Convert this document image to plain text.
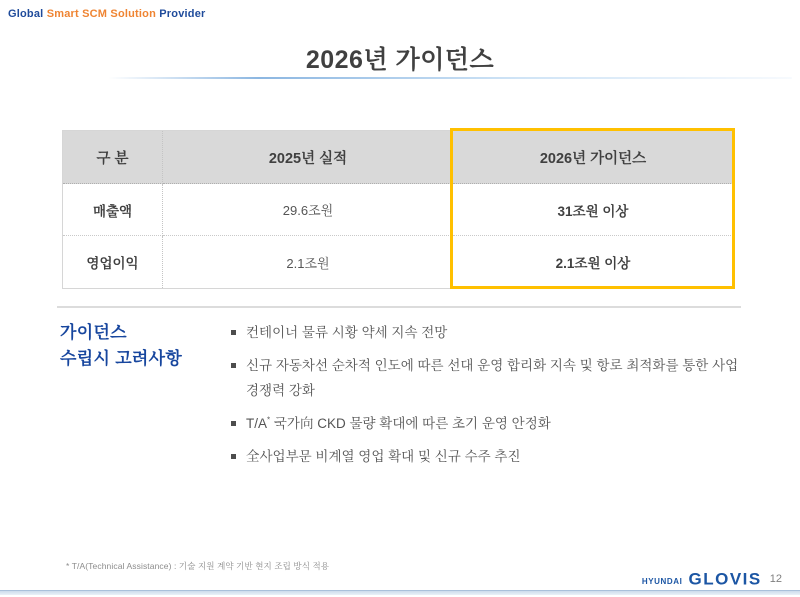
Global Smart SCM Solution Provider
2026년 가이던스
구 분	2025년 실적	2026년 가이던스
매출액	29.6조원	31조원 이상
영업이익	2.1조원	2.1조원 이상
가이던스
수립시 고려사항
컨테이너 물류 시황 약세 지속 전망
신규 자동차선 순차적 인도에 따른 선대 운영 합리화 지속 및 항로 최적화를 통한 사업 경쟁력 강화
T/A* 국가向 CKD 물량 확대에 따른 초기 운영 안정화
全사업부문 비계열 영업 확대 및 신규 수주 추진
* T/A(Technical Assistance) : 기술 지원 계약 기반 현지 조립 방식 적용
HYUNDAI GLOVIS 12
